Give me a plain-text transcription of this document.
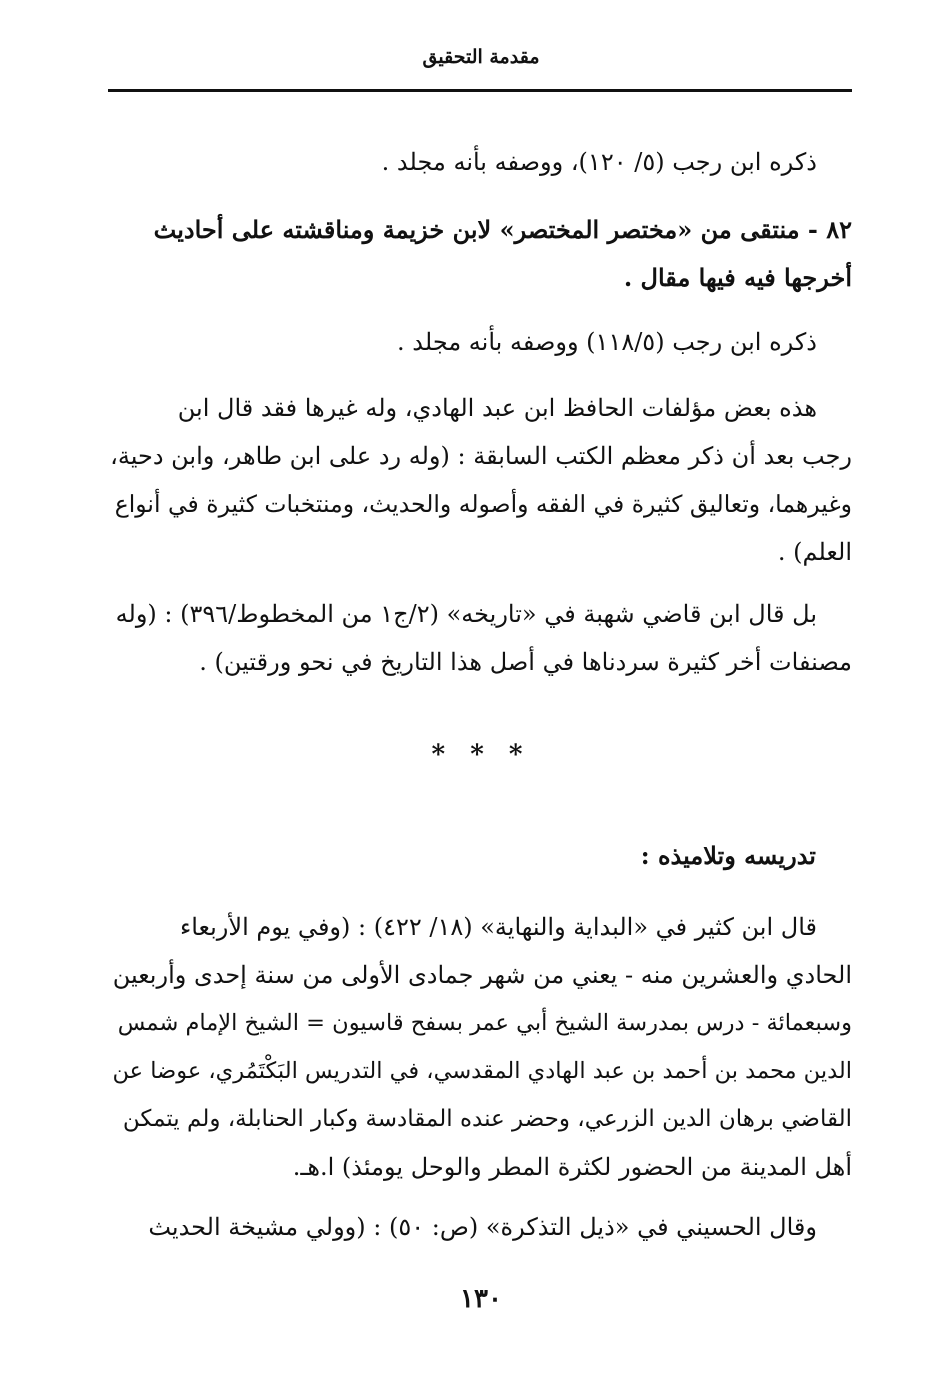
مقدمة التحقيق
ذكره ابن رجب (٥/ ١٢٠)، ووصفه بأنه مجلد .
٨٢ - منتقى من «مختصر المختصر» لابن خزيمة ومناقشته على أحاديث
أخرجها فيه فيها مقال .
ذكره ابن رجب (١١٨/٥) ووصفه بأنه مجلد .
هذه بعض مؤلفات الحافظ ابن عبد الهادي، وله غيرها فقد قال ابن
رجب بعد أن ذكر معظم الكتب السابقة : (وله رد على ابن طاهر، وابن دحية،
وغيرهما، وتعاليق كثيرة في الفقه وأصوله والحديث، ومنتخبات كثيرة في أنواع
العلم) .
بل قال ابن قاضي شهبة في «تاريخه» (٢/ج١ من المخطوط/٣٩٦) : (وله
مصنفات أخر كثيرة سردناها في أصل هذا التاريخ في نحو ورقتين) .
* * *
تدريسه وتلاميذه :
قال ابن كثير في «البداية والنهاية» (١٨/ ٤٢٢) : (وفي يوم الأربعاء
الحادي والعشرين منه - يعني من شهر جمادى الأولى من سنة إحدى وأربعين
وسبعمائة - درس بمدرسة الشيخ أبي عمر بسفح قاسيون = الشيخ الإمام شمس
الدين محمد بن أحمد بن عبد الهادي المقدسي، في التدريس البَكْتَمُري، عوضا عن
القاضي برهان الدين الزرعي، وحضر عنده المقادسة وكبار الحنابلة، ولم يتمكن
أهل المدينة من الحضور لكثرة المطر والوحل يومئذ) ا.هـ.
وقال الحسيني في «ذيل التذكرة» (ص: ٥٠) : (وولي مشيخة الحديث
١٣٠
